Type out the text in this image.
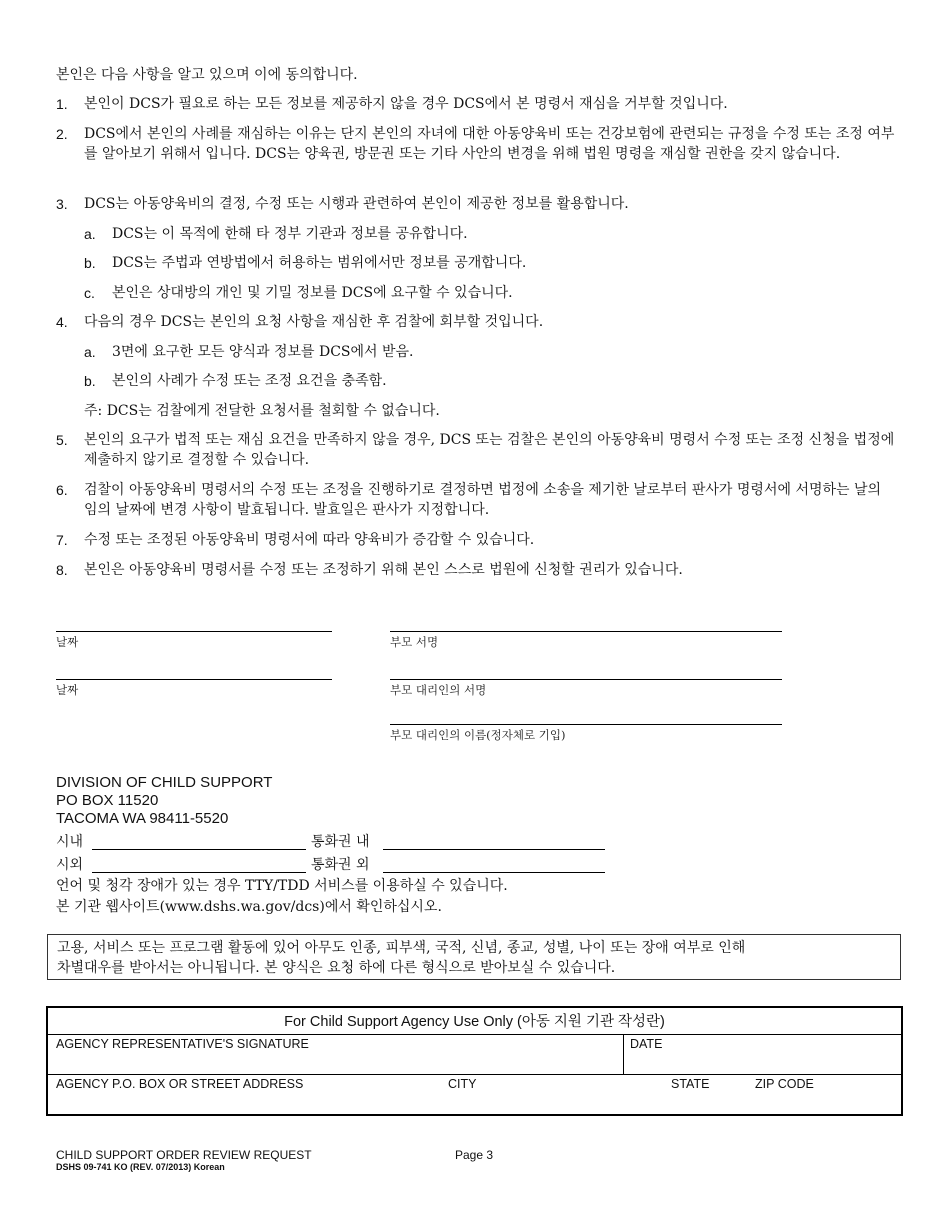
본인은 다음 사항을 알고 있으며 이에 동의합니다.
1.	본인이 DCS가 필요로 하는 모든 정보를 제공하지 않을 경우 DCS에서 본 명령서 재심을 거부할 것입니다.
2.	DCS에서 본인의 사례를 재심하는 이유는 단지 본인의 자녀에 대한 아동양육비 또는 건강보험에 관련되는 규정을 수정 또는 조정 여부를 알아보기 위해서 입니다. DCS는 양육권, 방문권 또는 기타 사안의 변경을 위해 법원 명령을 재심할 권한을 갖지 않습니다.
3.	DCS는 아동양육비의 결정, 수정 또는 시행과 관련하여 본인이 제공한 정보를 활용합니다.
a.	DCS는 이 목적에 한해 타 정부 기관과 정보를 공유합니다.
b.	DCS는 주법과 연방법에서 허용하는 범위에서만 정보를 공개합니다.
c.	본인은 상대방의 개인 및 기밀 정보를 DCS에 요구할 수 있습니다.
4.	다음의 경우 DCS는 본인의 요청 사항을 재심한 후 검찰에 회부할 것입니다.
a.	3면에 요구한 모든 양식과 정보를 DCS에서 받음.
b.	본인의 사례가 수정 또는 조정 요건을 충족함.
주: DCS는 검찰에게 전달한 요청서를 철회할 수 없습니다.
5.	본인의 요구가 법적 또는 재심 요건을 만족하지 않을 경우, DCS 또는 검찰은 본인의 아동양육비 명령서 수정 또는 조정 신청을 법정에 제출하지 않기로 결정할 수 있습니다.
6.	검찰이 아동양육비 명령서의 수정 또는 조정을 진행하기로 결정하면 법정에 소송을 제기한 날로부터 판사가 명령서에 서명하는 날의 임의 날짜에 변경 사항이 발효됩니다. 발효일은 판사가 지정합니다.
7.	수정 또는 조정된 아동양육비 명령서에 따라 양육비가 증감할 수 있습니다.
8.	본인은 아동양육비 명령서를 수정 또는 조정하기 위해 본인 스스로 법원에 신청할 권리가 있습니다.
날짜	부모 서명
날짜	부모 대리인의 서명
부모 대리인의 이름(정자체로 기입)
DIVISION OF CHILD SUPPORT
PO BOX 11520
TACOMA WA 98411-5520
시내	통화권 내
시외	통화권 외
언어 및 청각 장애가 있는 경우 TTY/TDD 서비스를 이용하실 수 있습니다.
본 기관 웹사이트(www.dshs.wa.gov/dcs)에서 확인하십시오.
고용, 서비스 또는 프로그램 활동에 있어 아무도 인종, 피부색, 국적, 신념, 종교, 성별, 나이 또는 장애 여부로 인해
차별대우를 받아서는 아니됩니다. 본 양식은 요청 하에 다른 형식으로 받아보실 수 있습니다.
For Child Support Agency Use Only (아동 지원 기관 작성란)
AGENCY REPRESENTATIVE'S SIGNATURE	DATE
AGENCY P.O. BOX OR STREET ADDRESS	CITY	STATE	ZIP CODE
CHILD SUPPORT ORDER REVIEW REQUEST	Page 3
DSHS 09-741 KO (REV. 07/2013) Korean
